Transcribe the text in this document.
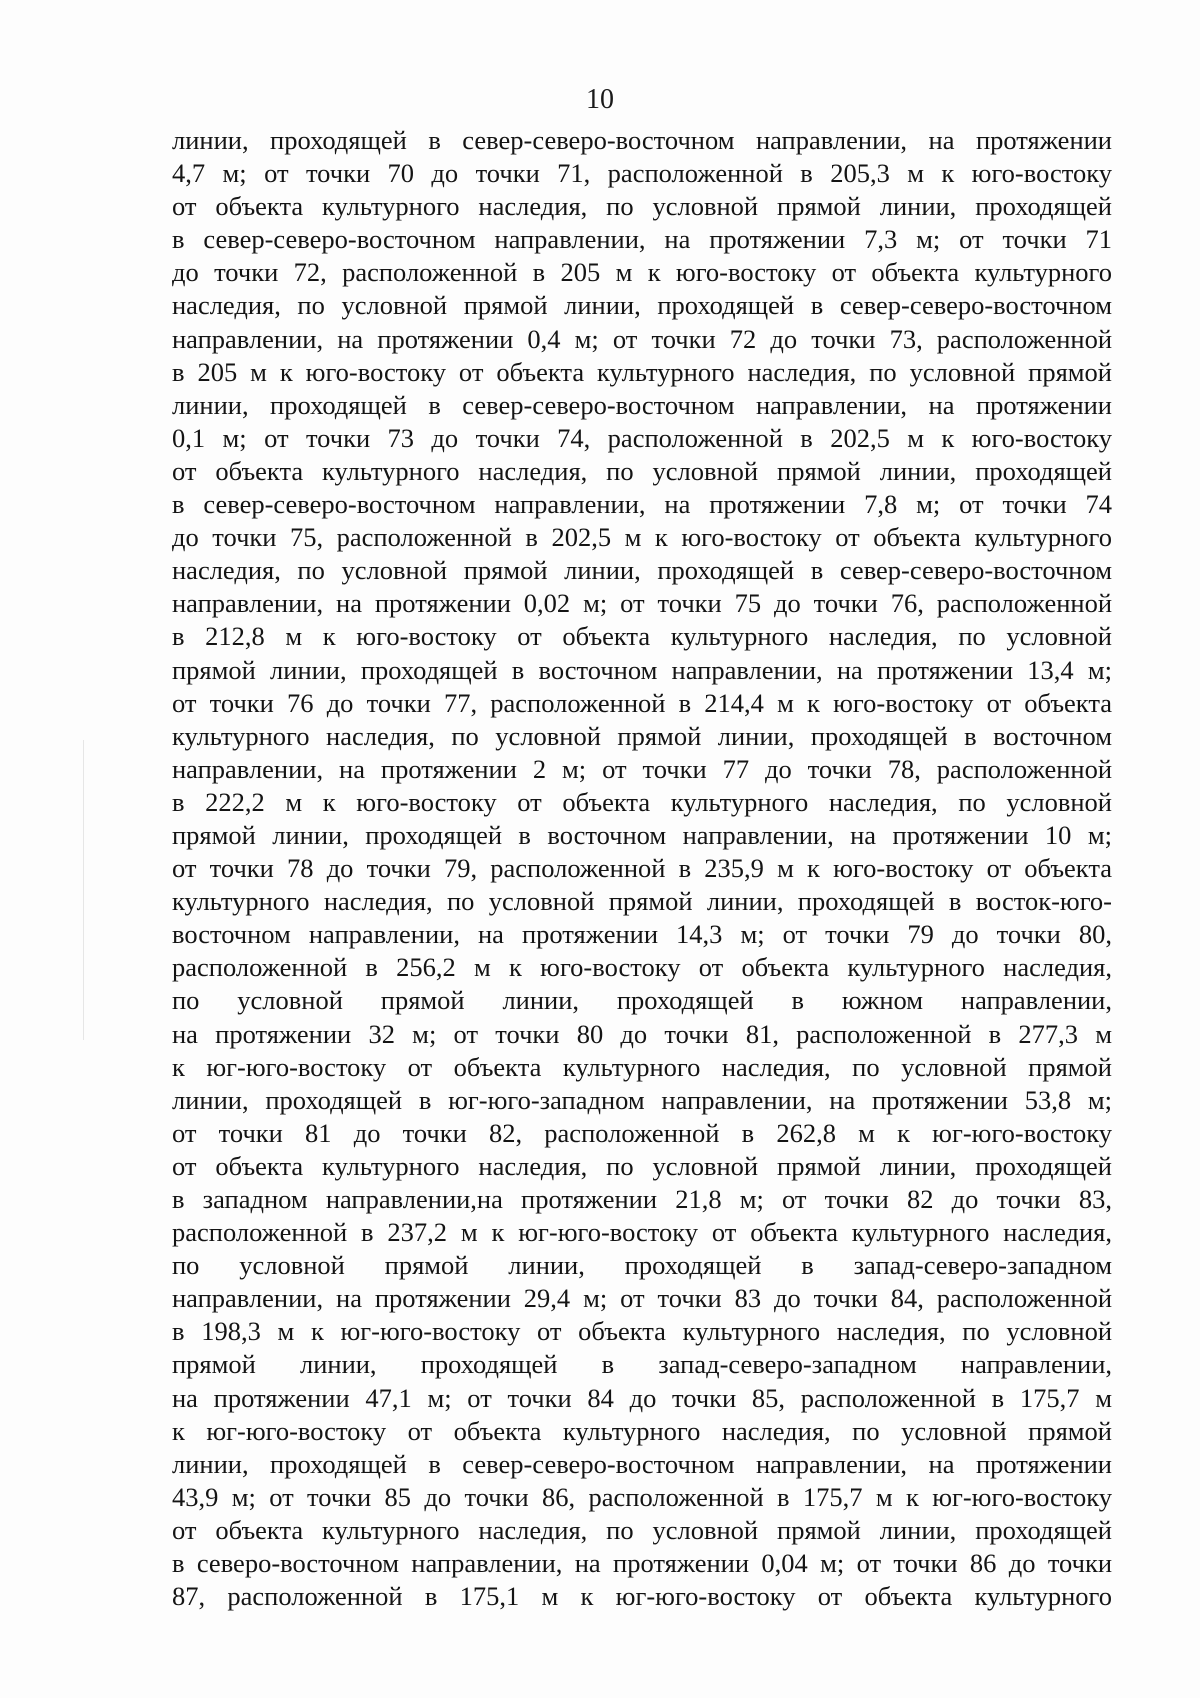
10
линии, проходящей в север-северо-восточном направлении, на протяжении
4,7 м; от точки 70 до точки 71, расположенной в 205,3 м к юго-востоку
от объекта культурного наследия, по условной прямой линии, проходящей
в север-северо-восточном направлении, на протяжении 7,3 м; от точки 71
до точки 72, расположенной в 205 м к юго-востоку от объекта культурного
наследия, по условной прямой линии, проходящей в север-северо-восточном
направлении, на протяжении 0,4 м; от точки 72 до точки 73, расположенной
в 205 м к юго-востоку от объекта культурного наследия, по условной прямой
линии, проходящей в север-северо-восточном направлении, на протяжении
0,1 м; от точки 73 до точки 74, расположенной в 202,5 м к юго-востоку
от объекта культурного наследия, по условной прямой линии, проходящей
в север-северо-восточном направлении, на протяжении 7,8 м; от точки 74
до точки 75, расположенной в 202,5 м к юго-востоку от объекта культурного
наследия, по условной прямой линии, проходящей в север-северо-восточном
направлении, на протяжении 0,02 м; от точки 75 до точки 76, расположенной
в 212,8 м к юго-востоку от объекта культурного наследия, по условной
прямой линии, проходящей в восточном направлении, на протяжении 13,4 м;
от точки 76 до точки 77, расположенной в 214,4 м к юго-востоку от объекта
культурного наследия, по условной прямой линии, проходящей в восточном
направлении, на протяжении 2 м; от точки 77 до точки 78, расположенной
в 222,2 м к юго-востоку от объекта культурного наследия, по условной
прямой линии, проходящей в восточном направлении, на протяжении 10 м;
от точки 78 до точки 79, расположенной в 235,9 м к юго-востоку от объекта
культурного наследия, по условной прямой линии, проходящей в восток-юго-
восточном направлении, на протяжении 14,3 м; от точки 79 до точки 80,
расположенной в 256,2 м к юго-востоку от объекта культурного наследия,
по условной прямой линии, проходящей в южном направлении,
на протяжении 32 м; от точки 80 до точки 81, расположенной в 277,3 м
к юг-юго-востоку от объекта культурного наследия, по условной прямой
линии, проходящей в юг-юго-западном направлении, на протяжении 53,8 м;
от точки 81 до точки 82, расположенной в 262,8 м к юг-юго-востоку
от объекта культурного наследия, по условной прямой линии, проходящей
в западном направлении,на протяжении 21,8 м; от точки 82 до точки 83,
расположенной в 237,2 м к юг-юго-востоку от объекта культурного наследия,
по условной прямой линии, проходящей в запад-северо-западном
направлении, на протяжении 29,4 м; от точки 83 до точки 84, расположенной
в 198,3 м к юг-юго-востоку от объекта культурного наследия, по условной
прямой линии, проходящей в запад-северо-западном направлении,
на протяжении 47,1 м; от точки 84 до точки 85, расположенной в 175,7 м
к юг-юго-востоку от объекта культурного наследия, по условной прямой
линии, проходящей в север-северо-восточном направлении, на протяжении
43,9 м; от точки 85 до точки 86, расположенной в 175,7 м к юг-юго-востоку
от объекта культурного наследия, по условной прямой линии, проходящей
в северо-восточном направлении, на протяжении 0,04 м; от точки 86 до точки
87, расположенной в 175,1 м к юг-юго-востоку от объекта культурного
